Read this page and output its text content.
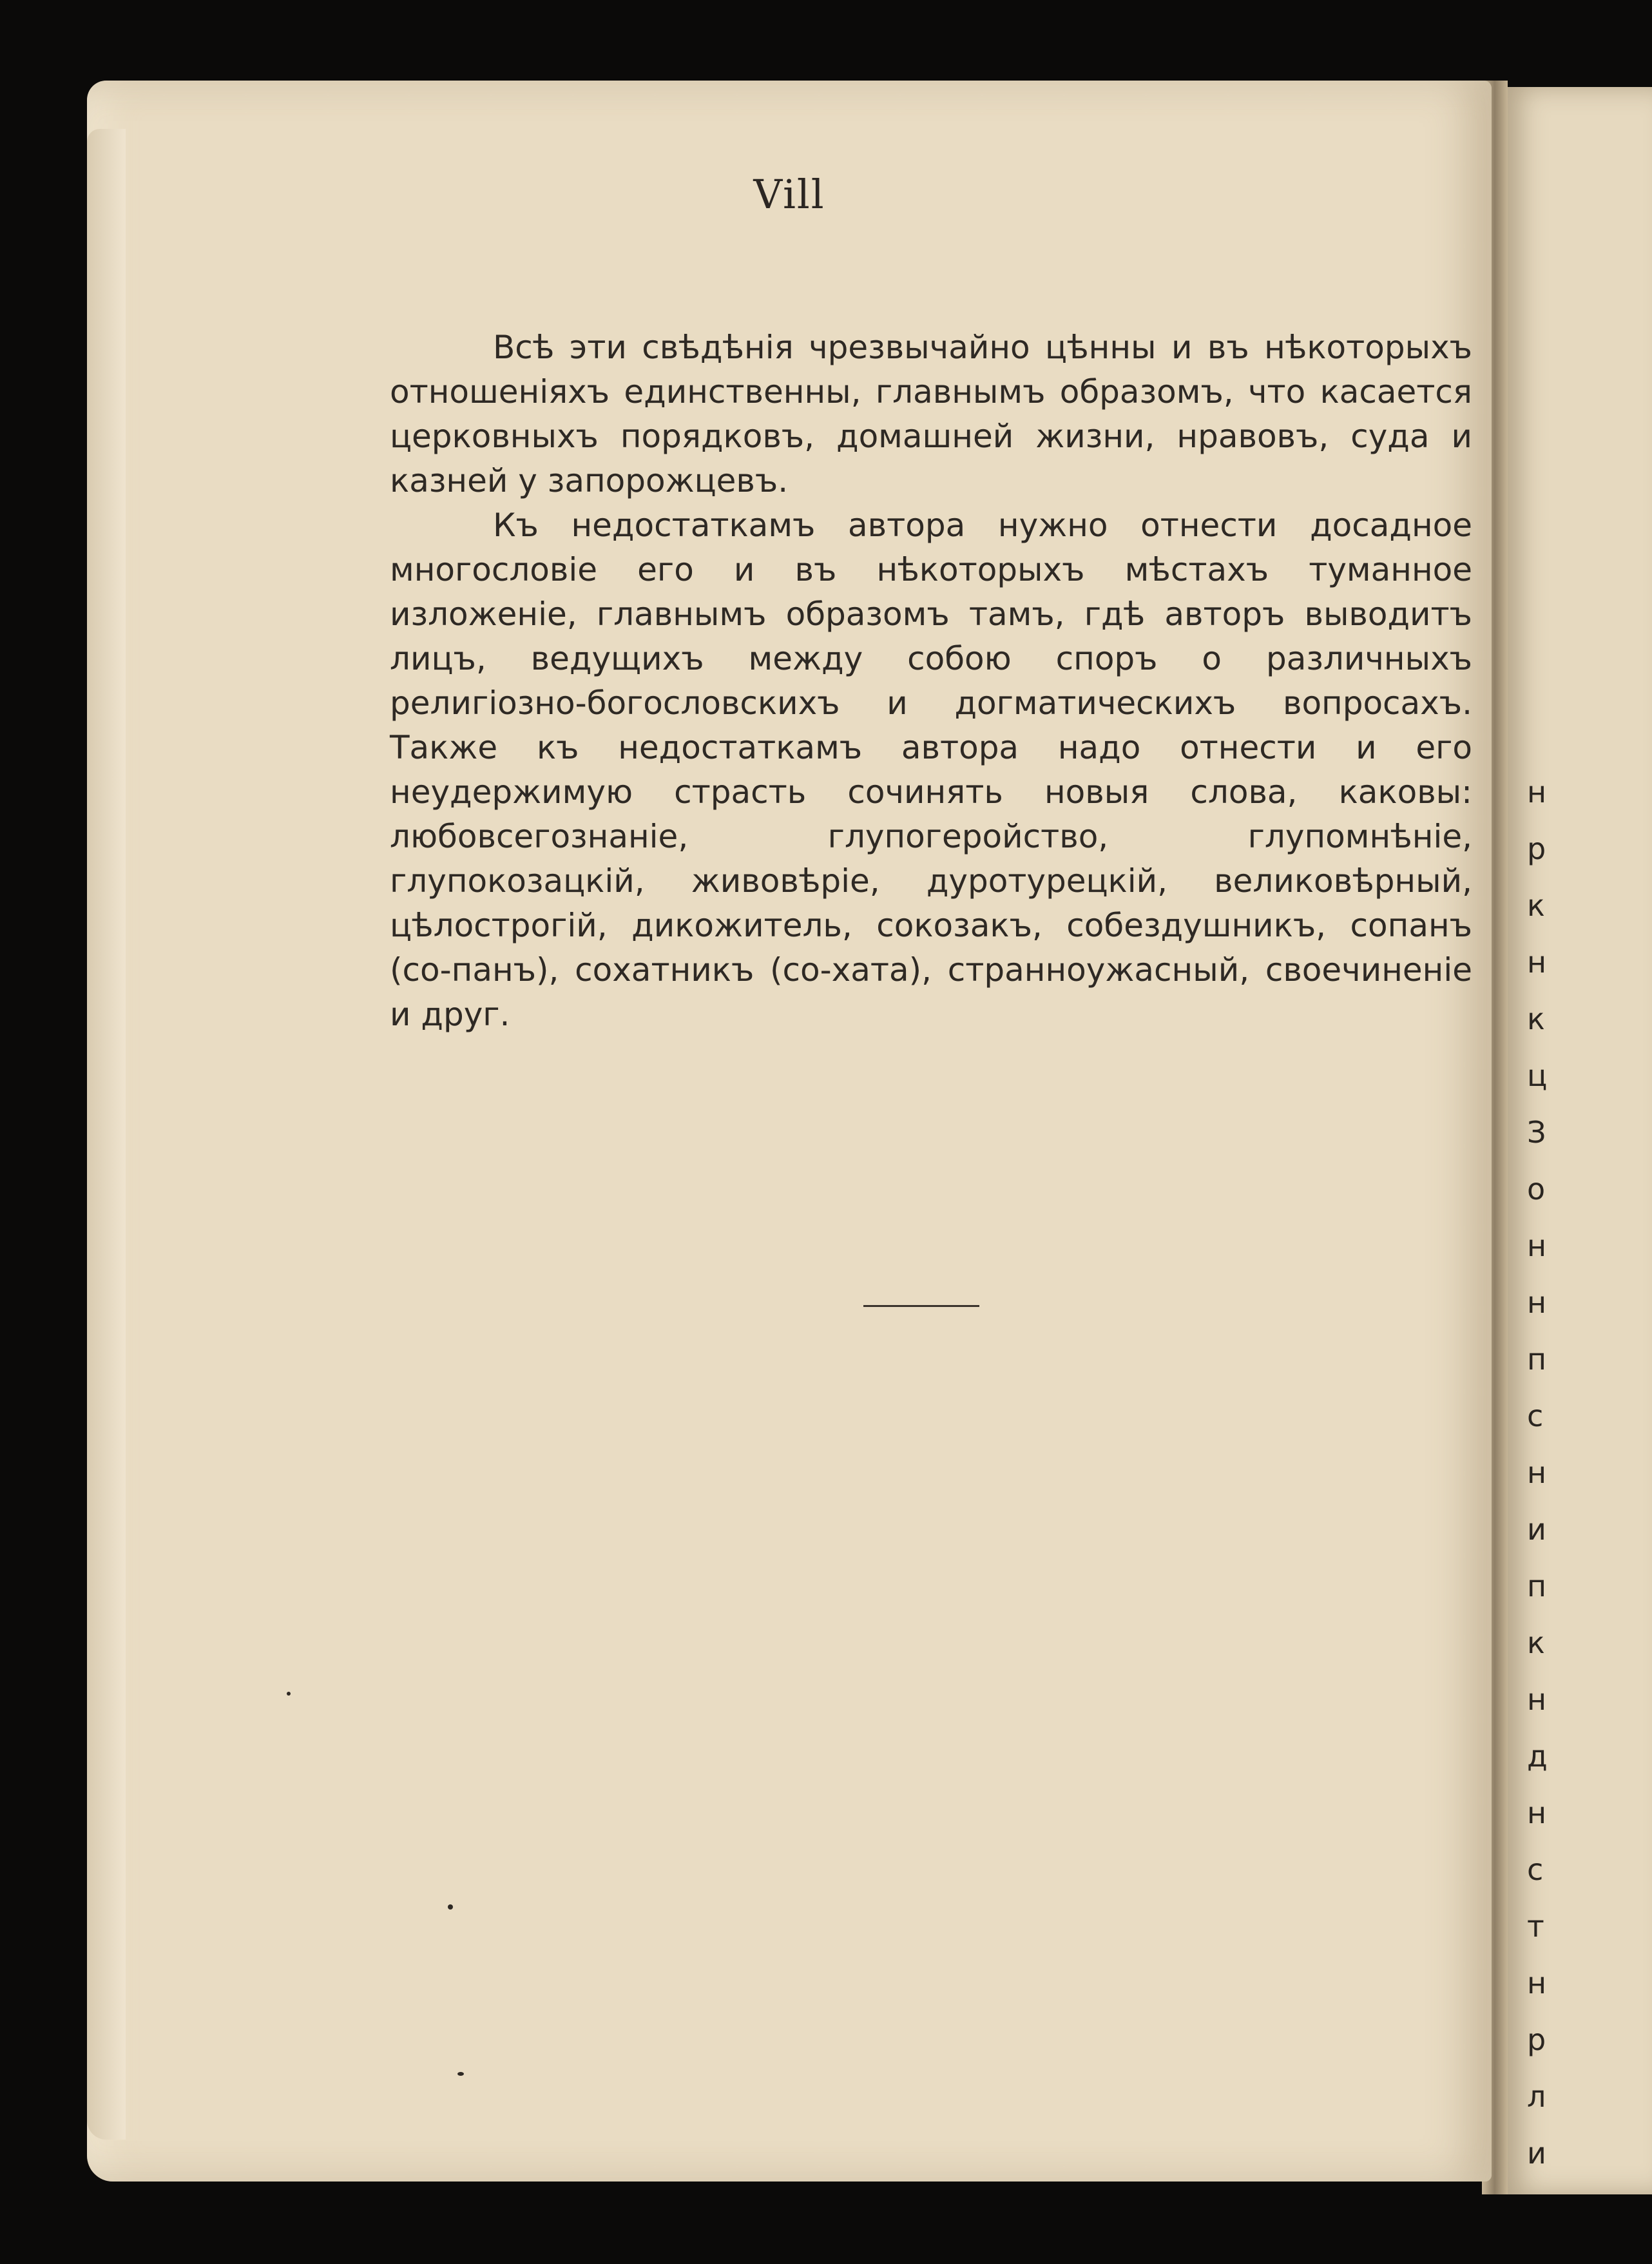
н
р
к
н
к
ц
З
о
н
н
п
с
н
и
п
к
н
д
н
с
т
н
р
л
и
Vill

Всѣ эти свѣдѣнія чрезвычайно цѣнны и въ нѣкоторыхъ отношеніяхъ единственны, главнымъ образомъ, что касается церковныхъ порядковъ, домашней жизни, нравовъ, суда и казней у запорожцевъ.

Къ недостаткамъ автора нужно отнести досадное многословіе его и въ нѣкоторыхъ мѣстахъ туманное изложеніе, главнымъ образомъ тамъ, гдѣ авторъ выводитъ лицъ, ведущихъ между собою споръ о различныхъ религіозно-богословскихъ и догматическихъ вопросахъ. Также къ недостаткамъ автора надо отнести и его неудержимую страсть сочинять новыя слова, каковы: любовсегознаніе, глупогеройство, глупомнѣніе, глупокозацкій, живовѣріе, дуротурецкій, великовѣрный, цѣлострогій, дикожитель, сокозакъ, собездушникъ, сопанъ (со-панъ), сохатникъ (со-хата), странноужасный, своечиненіе и друг.
